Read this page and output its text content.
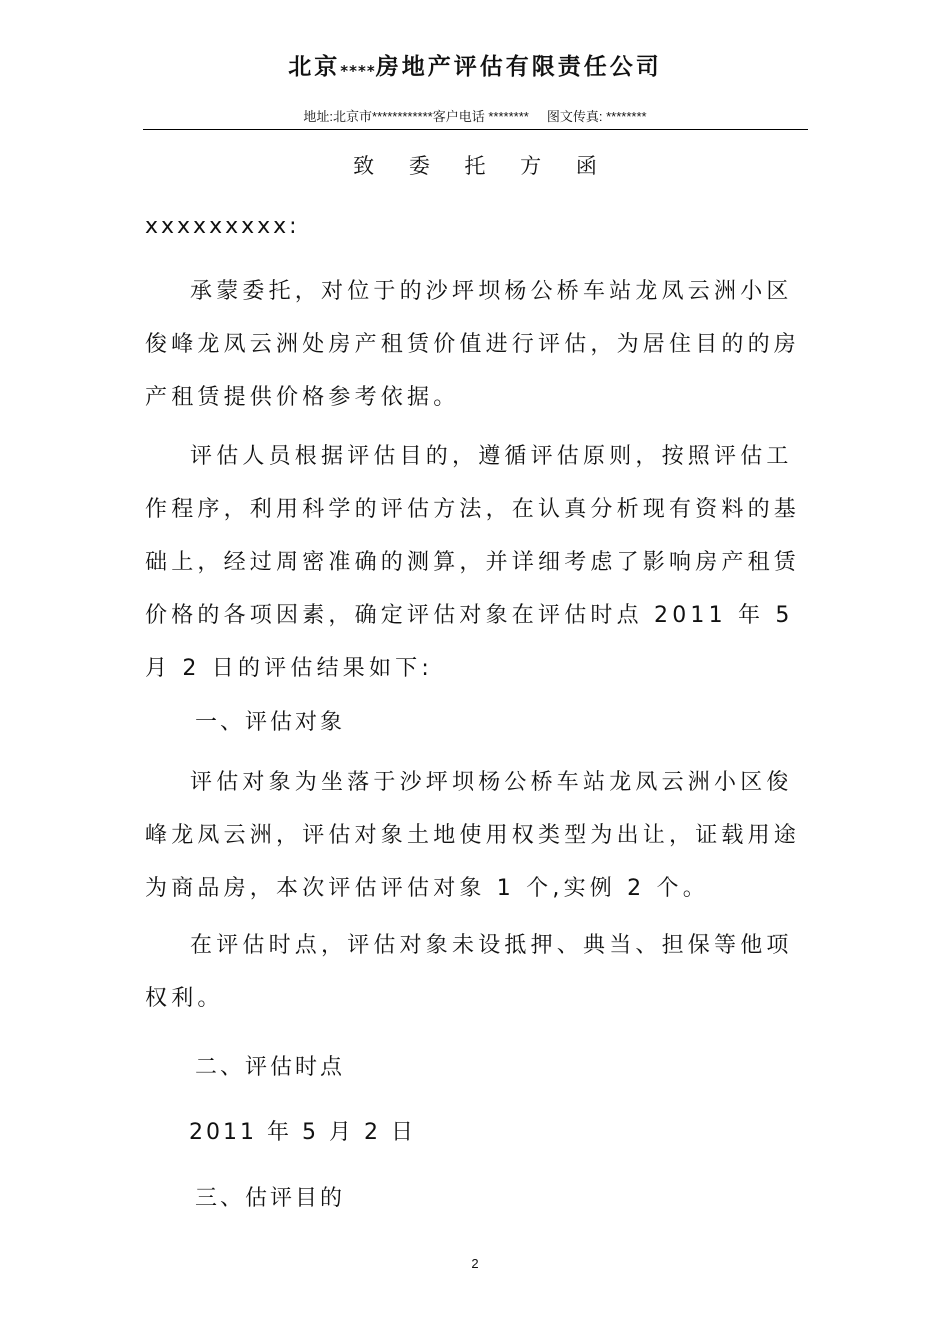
北京****房地产评估有限责任公司
地址:北京市************客户电话 ********     图文传真: ********
致 委 托 方 函
xxxxxxxxx:
承蒙委托，对位于的沙坪坝杨公桥车站龙凤云洲小区俊峰龙凤云洲处房产租赁价值进行评估，为居住目的的房产租赁提供价格参考依据。
评估人员根据评估目的，遵循评估原则，按照评估工作程序，利用科学的评估方法，在认真分析现有资料的基础上，经过周密准确的测算，并详细考虑了影响房产租赁价格的各项因素，确定评估对象在评估时点 2011 年 5 月 2 日的评估结果如下:
一、评估对象
评估对象为坐落于沙坪坝杨公桥车站龙凤云洲小区俊峰龙凤云洲，评估对象土地使用权类型为出让，证载用途为商品房，本次评估评估对象 1 个,实例 2 个。
在评估时点，评估对象未设抵押、典当、担保等他项权利。
二、评估时点
2011 年 5 月 2 日
三、估评目的
2
